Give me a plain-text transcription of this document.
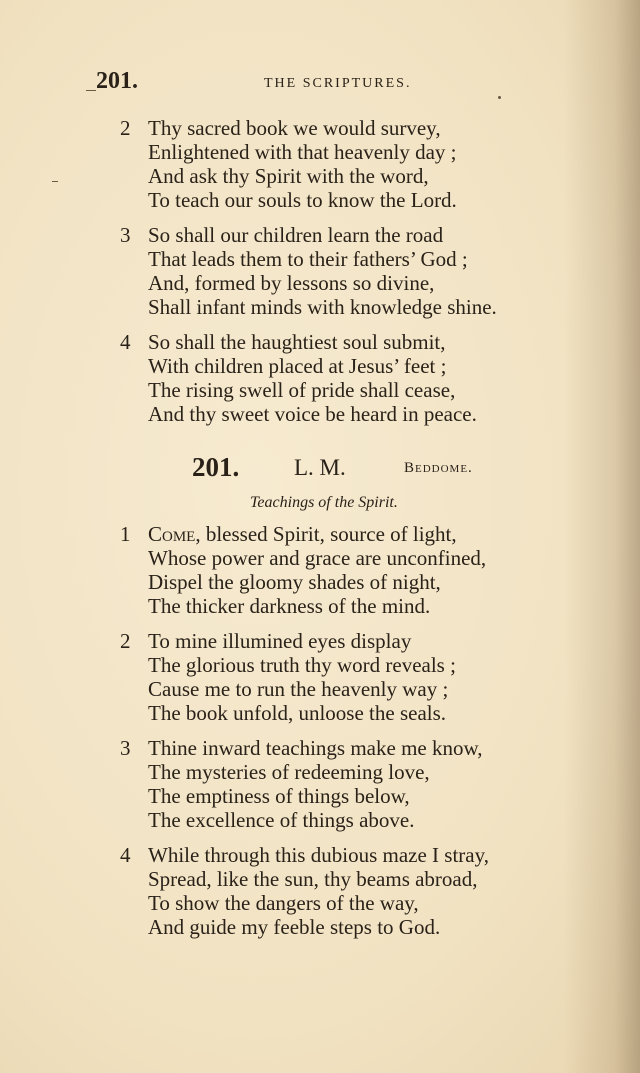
201.	THE SCRIPTURES.
2 Thy sacred book we would survey,
Enlightened with that heavenly day ;
And ask thy Spirit with the word,
To teach our souls to know the Lord.
3 So shall our children learn the road
That leads them to their fathers’ God ;
And, formed by lessons so divine,
Shall infant minds with knowledge shine.
4 So shall the haughtiest soul submit,
With children placed at Jesus’ feet ;
The rising swell of pride shall cease,
And thy sweet voice be heard in peace.
201. L. M.	Beddome.
Teachings of the Spirit.
1 Come, blessed Spirit, source of light,
Whose power and grace are unconfined,
Dispel the gloomy shades of night,
The thicker darkness of the mind.
2 To mine illumined eyes display
The glorious truth thy word reveals ;
Cause me to run the heavenly way ;
The book unfold, unloose the seals.
3 Thine inward teachings make me know,
The mysteries of redeeming love,
The emptiness of things below,
The excellence of things above.
4 While through this dubious maze I stray,
Spread, like the sun, thy beams abroad,
To show the dangers of the way,
And guide my feeble steps to God.
